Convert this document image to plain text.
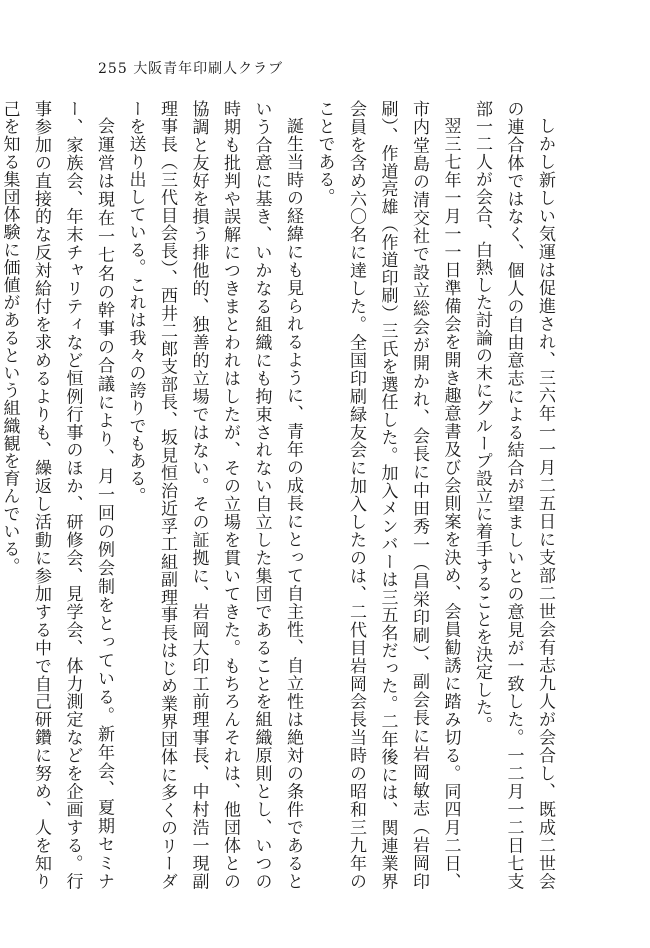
255 大阪青年印刷人クラブ

しかし新しい気運は促進され、三六年一一月二五日に支部二世会有志九人が会合し、既成二世会の連合体ではなく、個人の自由意志による結合が望ましいとの意見が一致した。一二月一二日七支部一二人が会合、白熱した討論の末にグループ設立に着手することを決定した。

翌三七年一月一一日準備会を開き趣意書及び会則案を決め、会員勧誘に踏み切る。同四月二日、市内堂島の清交社で設立総会が開かれ、会長に中田秀一（昌栄印刷）、副会長に岩岡敏志（岩岡印刷）、作道亮雄（作道印刷）三氏を選任した。加入メンバーは三五名だった。二年後には、関連業界会員を含め六〇名に達した。全国印刷緑友会に加入したのは、二代目岩岡会長当時の昭和三九年のことである。

誕生当時の経緯にも見られるように、青年の成長にとって自主性、自立性は絶対の条件であるという合意に基き、いかなる組織にも拘束されない自立した集団であることを組織原則とし、いつの時期も批判や誤解につきまとわれはしたが、その立場を貫いてきた。もちろんそれは、他団体との協調と友好を損う排他的、独善的立場ではない。その証拠に、岩岡大印工前理事長、中村浩一現副理事長（三代目会長）、西井二郎支部長、坂見恒治近孚工組副理事長はじめ業界団体に多くのリーダーを送り出している。これは我々の誇りでもある。

会運営は現在一七名の幹事の合議により、月一回の例会制をとっている。新年会、夏期セミナー、家族会、年末チャリティなど恒例行事のほか、研修会、見学会、体力測定などを企画する。行事参加の直接的な反対給付を求めるよりも、繰返し活動に参加する中で自己研鑽に努め、人を知り己を知る集団体験に価値があるという組織観を育んでいる。
